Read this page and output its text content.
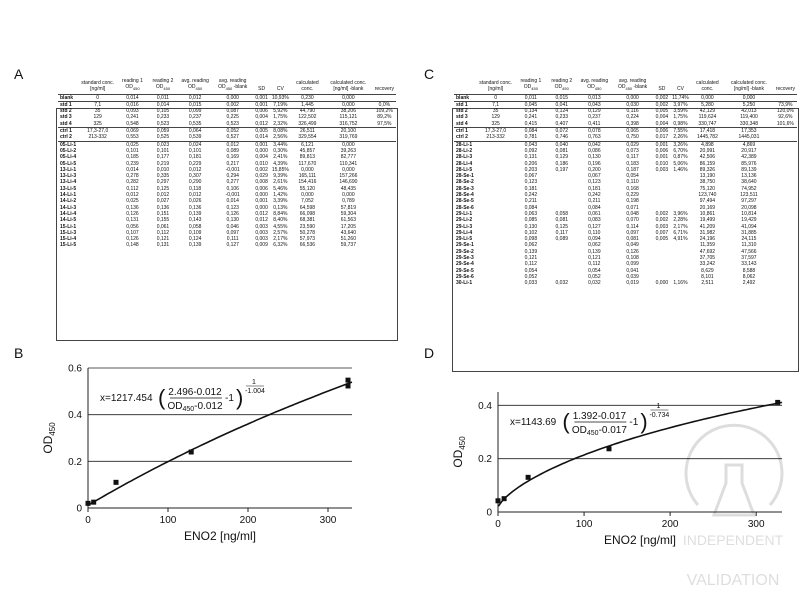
A	C
B	D
	standard conc. [ng/ml]	reading 1 $OD_{450}$	reading 2 $OD_{450}$	avg. reading $OD_{450}$	avg. reading $OD_{450}$ -blank	SD	CV	calculated conc.	calculated conc. [ng/ml] -blank	recovery
blank	0	0,014	0,011	0,012	0,000	0,001	10,93%	0,230	0,000	
std 1	7,1	0,016	0,014	0,015	0,002	0,001	7,19%	1,445	0,000	0,0%
std 2	35	0,093	0,105	0,099	0,087	0,006	5,92%	44,790	38,206	109,2%
std 3	129	0,241	0,233	0,237	0,225	0,004	1,75%	122,502	115,121	89,2%
std 4	325	0,548	0,523	0,535	0,523	0,012	2,32%	326,499	316,752	97,5%
ctrl 1	17,3-27,0	0,069	0,059	0,064	0,052	0,005	8,08%	26,511	20,100	
ctrl 2	213-332	0,553	0,525	0,539	0,527	0,014	2,56%	329,554	319,769	
05-Li-1		0,025	0,023	0,024	0,012	0,001	3,44%	6,121	0,000	
05-Li-2		0,101	0,101	0,101	0,089	0,000	0,30%	45,857	39,263	
05-Li-4		0,185	0,177	0,181	0,169	0,004	2,41%	89,813	82,777	
05-Li-5		0,239	0,219	0,229	0,217	0,010	4,39%	117,670	110,341	
13-Li-1		0,014	0,010	0,012	-0,001	0,002	15,85%	0,000	0,000	
13-Li-3		0,278	0,335	0,307	0,294	0,029	9,39%	165,111	157,266	
13-Li-4		0,282	0,297	0,290	0,277	0,008	2,61%	154,416	146,690	
13-Li-5		0,112	0,125	0,118	0,106	0,006	5,46%	55,120	48,435	
14-Li-1		0,012	0,012	0,012	-0,001	0,000	1,42%	0,000	0,000	
14-Li-2		0,025	0,027	0,026	0,014	0,001	3,39%	7,052	0,789	
14-Li-3		0,136	0,136	0,136	0,123	0,000	0,13%	64,598	57,819	
14-Li-4		0,126	0,151	0,139	0,126	0,012	8,84%	66,098	59,304	
14-Li-5		0,131	0,155	0,143	0,130	0,012	8,40%	68,381	61,563	
15-Li-1		0,056	0,061	0,058	0,046	0,003	4,55%	23,590	17,205	
15-Li-3		0,107	0,112	0,109	0,097	0,003	2,57%	50,278	43,640	
15-Li-4		0,126	0,121	0,124	0,111	0,003	2,17%	57,973	51,260	
15-Li-5		0,148	0,131	0,139	0,127	0,009	6,32%	66,536	59,737	
	standard conc. [ng/ml]	reading 1 $OD_{450}$	reading 2 $OD_{450}$	avg. reading $OD_{450}$	avg. reading $OD_{450}$ -blank	SD	CV	calculated conc.	calculated conc. [ng/ml] -blank	recovery
blank	0	0,011	0,015	0,013	0,000	0,002	11,74%	0,000	0,000	
std 1	7,1	0,045	0,041	0,043	0,030	0,002	3,97%	5,280	5,250	73,9%
std 2	35	0,134	0,124	0,129	0,116	0,005	3,59%	42,129	42,013	120,0%
std 3	129	0,241	0,233	0,237	0,224	0,004	1,75%	119,624	119,400	92,6%
std 4	325	0,415	0,407	0,411	0,398	0,004	0,98%	330,747	330,348	101,6%
ctrl 1	17,3-27,0	0,084	0,072	0,078	0,065	0,006	7,55%	17,418	17,353	
ctrl 2	213-332	0,781	0,746	0,763	0,750	0,017	2,26%	1445,782	1445,031	
28-Li-1		0,043	0,040	0,042	0,029	0,001	3,26%	4,898	4,869	
28-Li-2		0,092	0,081	0,086	0,073	0,006	6,70%	20,991	20,917	
28-Li-3		0,131	0,129	0,130	0,117	0,001	0,87%	42,506	42,389	
28-Li-4		0,206	0,186	0,196	0,183	0,010	5,06%	86,159	85,976	
28-Li-5		0,203	0,197	0,200	0,187	0,003	1,46%	89,326	89,139	
28-Se-1		0,067		0,067	0,054			13,190	13,136	
28-Se-2		0,123		0,123	0,110			38,750	38,640	
28-Se-3		0,181		0,181	0,168			75,120	74,952	
28-Se-4		0,242		0,242	0,229			123,740	123,511	
28-Se-5		0,211		0,211	0,198			97,494	97,297	
28-Se-6		0,084		0,084	0,071			20,169	20,098	
29-Li-1		0,063	0,058	0,061	0,048	0,002	3,96%	10,861	10,814	
29-Li-2		0,085	0,081	0,083	0,070	0,002	2,28%	19,499	19,429	
29-Li-3		0,130	0,125	0,127	0,114	0,003	2,17%	41,209	41,094	
29-Li-4		0,102	0,117	0,110	0,097	0,007	6,71%	31,982	31,885	
29-Li-5		0,098	0,089	0,094	0,081	0,005	4,91%	24,196	24,115	
29-Se-1		0,062		0,062	0,049			11,359	11,310	
29-Se-2		0,139		0,139	0,126			47,692	47,566	
29-Se-3		0,121		0,121	0,108			37,705	37,597	
29-Se-4		0,112		0,112	0,099			33,242	33,143	
29-Se-5		0,054		0,054	0,041			8,629	8,588	
29-Se-6		0,052		0,052	0,039			8,101	8,062	
30-Li-1		0,033	0,032	0,032	0,019	0,000	1,16%	2,511	2,492	
0
0.2
0.4
0.6
0	100	200	300
ENO2 [ng/ml]
$OD_{450}$
x=1217.454 ( 2.496-0.012
$OD_{450}-0.012$
-1 )
1
-1.004
0
0.2
0.4
0	100	200	300
ENO2 [ng/ml]
$OD_{450}$
x=1143.69 ( 1.392-0.017
$OD_{450}-0.017$
-1 )
1
-0.734
INDEPENDENT
VALIDATION
